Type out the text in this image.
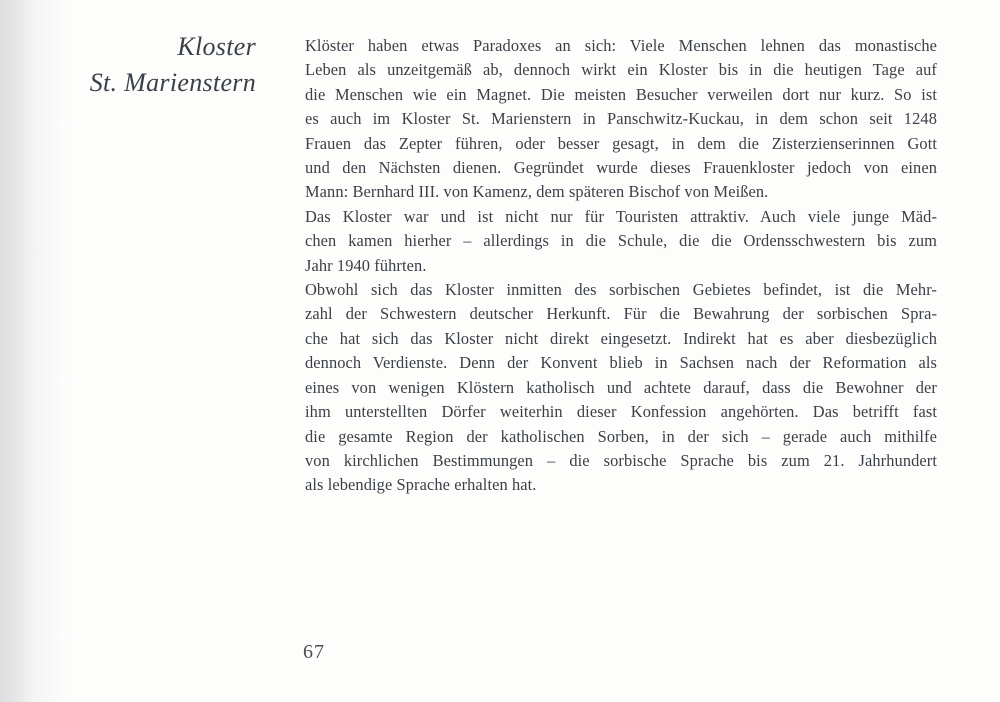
Kloster
St. Marienstern
Klöster haben etwas Paradoxes an sich: Viele Menschen lehnen das monastische
Leben als unzeitgemäß ab, dennoch wirkt ein Kloster bis in die heutigen Tage auf
die Menschen wie ein Magnet. Die meisten Besucher verweilen dort nur kurz. So ist
es auch im Kloster St. Marienstern in Panschwitz-Kuckau, in dem schon seit 1248
Frauen das Zepter führen, oder besser gesagt, in dem die Zisterzienserinnen Gott
und den Nächsten dienen. Gegründet wurde dieses Frauenkloster jedoch von einen
Mann: Bernhard III. von Kamenz, dem späteren Bischof von Meißen.
Das Kloster war und ist nicht nur für Touristen attraktiv. Auch viele junge Mäd-
chen kamen hierher – allerdings in die Schule, die die Ordensschwestern bis zum
Jahr 1940 führten.
Obwohl sich das Kloster inmitten des sorbischen Gebietes befindet, ist die Mehr-
zahl der Schwestern deutscher Herkunft. Für die Bewahrung der sorbischen Spra-
che hat sich das Kloster nicht direkt eingesetzt. Indirekt hat es aber diesbezüglich
dennoch Verdienste. Denn der Konvent blieb in Sachsen nach der Reformation als
eines von wenigen Klöstern katholisch und achtete darauf, dass die Bewohner der
ihm unterstellten Dörfer weiterhin dieser Konfession angehörten. Das betrifft fast
die gesamte Region der katholischen Sorben, in der sich – gerade auch mithilfe
von kirchlichen Bestimmungen – die sorbische Sprache bis zum 21. Jahrhundert
als lebendige Sprache erhalten hat.
67
